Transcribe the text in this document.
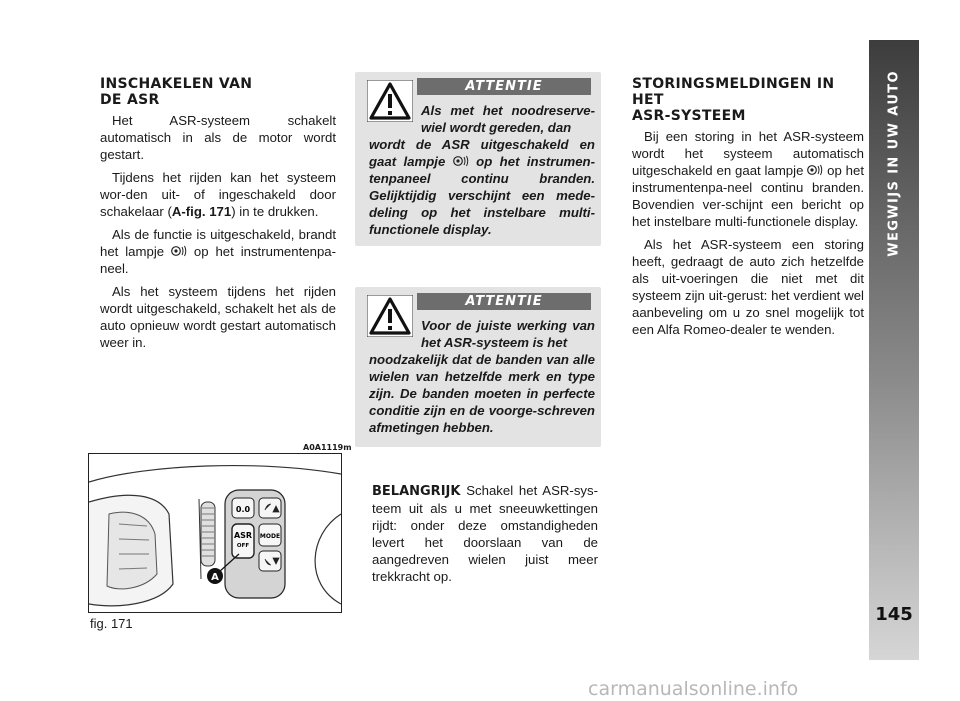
INSCHAKELEN VAN
DE ASR

Het ASR-systeem schakelt automatisch in als de motor wordt gestart.

Tijdens het rijden kan het systeem wor-den uit- of ingeschakeld door schakelaar (A-fig. 171) in te drukken.

Als de functie is uitgeschakeld, brandt het lampje op het instrumentenpa-neel.

Als het systeem tijdens het rijden wordt uitgeschakeld, schakelt het als de auto opnieuw wordt gestart automatisch weer in.

ATTENTIE
Als met het noodreserve-wiel wordt gereden, dan
wordt de ASR uitgeschakeld en gaat lampje op het instrumen-tenpaneel continu branden. Gelijktijdig verschijnt een mede-deling op het instelbare multi-functionele display.
ATTENTIE
Voor de juiste werking van het ASR-systeem is het
noodzakelijk dat de banden van alle wielen van hetzelfde merk en type zijn. De banden moeten in perfecte conditie zijn en de voorge-schreven afmetingen hebben.
BELANGRIJK Schakel het ASR-sys-teem uit als u met sneeuwkettingen rijdt: onder deze omstandigheden levert het doorslaan van de aangedreven wielen juist meer trekkracht op.
A0A1119m
0.0
ASR
OFF
MODE
A
fig. 171
STORINGSMELDINGEN IN HET
ASR-SYSTEEM

Bij een storing in het ASR-systeem wordt het systeem automatisch uitgeschakeld en gaat lampje op het instrumentenpa-neel continu branden. Bovendien ver-schijnt een bericht op het instelbare multi-functionele display.

Als het ASR-systeem een storing heeft, gedraagt de auto zich hetzelfde als uit-voeringen die niet met dit systeem zijn uit-gerust: het verdient wel aanbeveling om u zo snel mogelijk tot een Alfa Romeo-dealer te wenden.

WEGWIJS IN UW AUTO
145
carmanualsonline.info
